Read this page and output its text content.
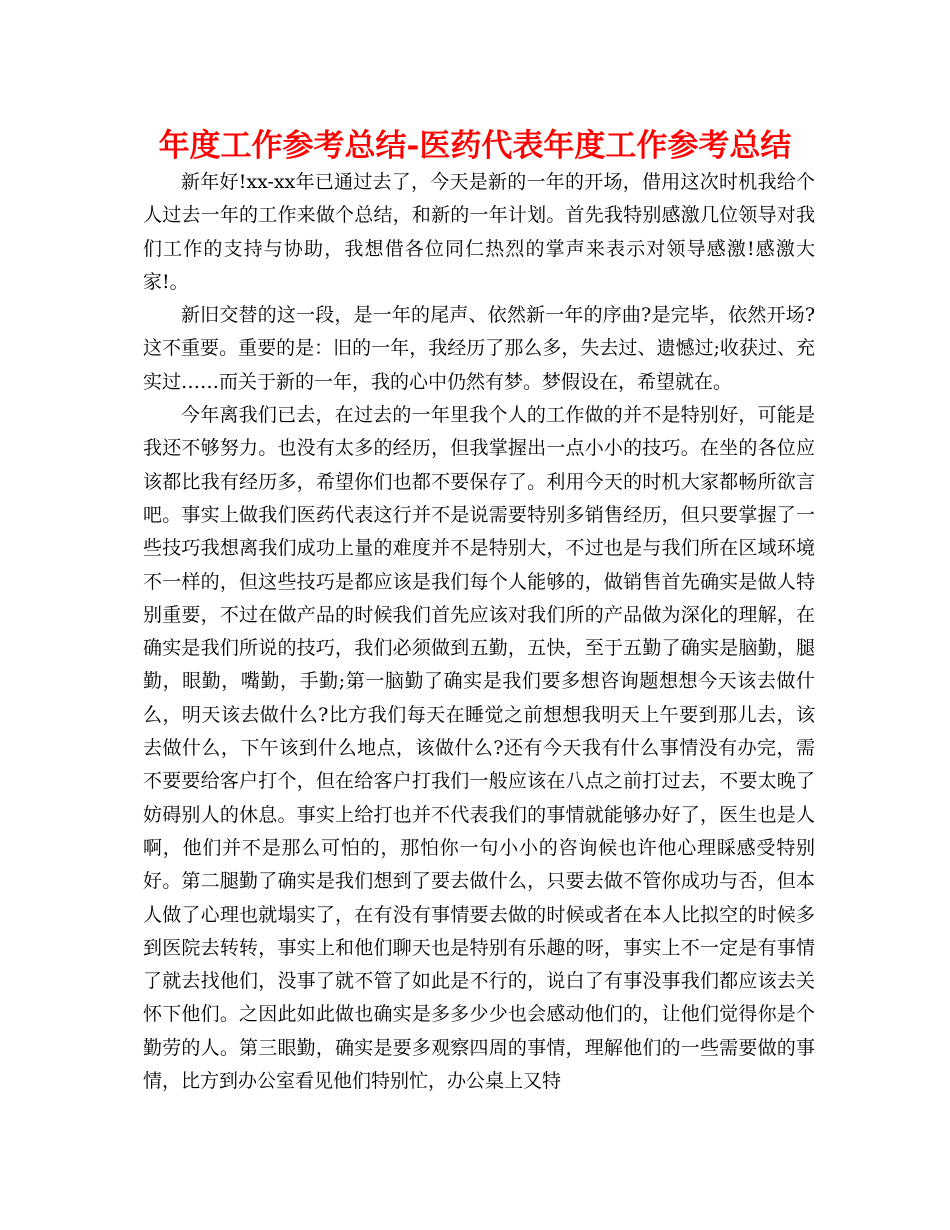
年度工作参考总结-医药代表年度工作参考总结

新年好!xx-xx年已通过去了，今天是新的一年的开场，借用这次时机我给个人过去一年的工作来做个总结，和新的一年计划。首先我特别感激几位领导对我们工作的支持与协助，我想借各位同仁热烈的掌声来表示对领导感激!感激大家!。

新旧交替的这一段，是一年的尾声、依然新一年的序曲?是完毕，依然开场?这不重要。重要的是：旧的一年，我经历了那么多，失去过、遗憾过;收获过、充实过……而关于新的一年，我的心中仍然有梦。梦假设在，希望就在。

今年离我们已去，在过去的一年里我个人的工作做的并不是特别好，可能是我还不够努力。也没有太多的经历，但我掌握出一点小小的技巧。在坐的各位应该都比我有经历多，希望你们也都不要保存了。利用今天的时机大家都畅所欲言吧。事实上做我们医药代表这行并不是说需要特别多销售经历，但只要掌握了一些技巧我想离我们成功上量的难度并不是特别大，不过也是与我们所在区域环境不一样的，但这些技巧是都应该是我们每个人能够的，做销售首先确实是做人特别重要，不过在做产品的时候我们首先应该对我们所的产品做为深化的理解，在确实是我们所说的技巧，我们必须做到五勤，五快，至于五勤了确实是脑勤，腿勤，眼勤，嘴勤，手勤;第一脑勤了确实是我们要多想咨询题想想今天该去做什么，明天该去做什么?比方我们每天在睡觉之前想想我明天上午要到那儿去，该去做什么，下午该到什么地点，该做什么?还有今天我有什么事情没有办完，需不要要给客户打个，但在给客户打我们一般应该在八点之前打过去，不要太晚了妨碍别人的休息。事实上给打也并不代表我们的事情就能够办好了，医生也是人啊，他们并不是那么可怕的，那怕你一句小小的咨询候也许他心理睬感受特别好。第二腿勤了确实是我们想到了要去做什么，只要去做不管你成功与否，但本人做了心理也就塌实了，在有没有事情要去做的时候或者在本人比拟空的时候多到医院去转转，事实上和他们聊天也是特别有乐趣的呀，事实上不一定是有事情了就去找他们，没事了就不管了如此是不行的，说白了有事没事我们都应该去关怀下他们。之因此如此做也确实是多多少少也会感动他们的，让他们觉得你是个勤劳的人。第三眼勤，确实是要多观察四周的事情，理解他们的一些需要做的事情，比方到办公室看见他们特别忙，办公桌上又特
